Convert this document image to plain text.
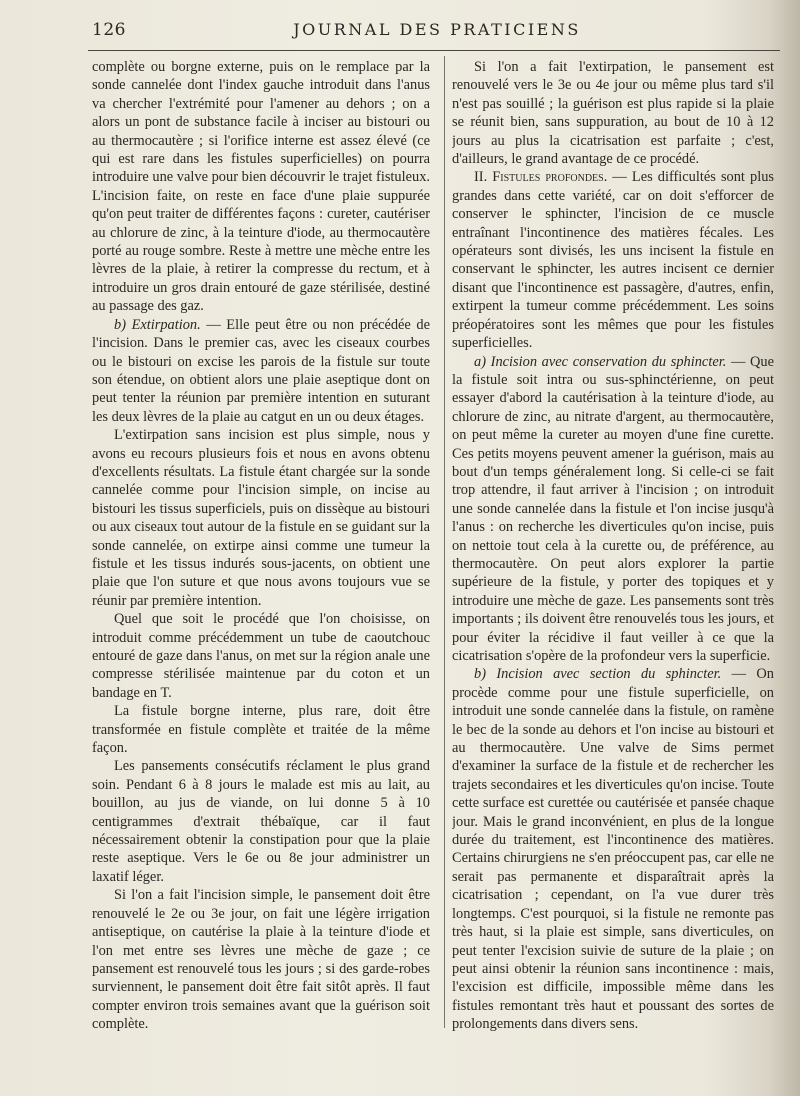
126	JOURNAL DES PRATICIENS

complète ou borgne externe, puis on le remplace par la sonde cannelée dont l'index gauche introduit dans l'anus va chercher l'extrémité pour l'amener au dehors ; on a alors un pont de substance facile à inciser au bistouri ou au thermocautère ; si l'orifice interne est assez élevé (ce qui est rare dans les fistules superficielles) on pourra introduire une valve pour bien découvrir le trajet fistuleux. L'incision faite, on reste en face d'une plaie suppurée qu'on peut traiter de différentes façons : cureter, cautériser au chlorure de zinc, à la teinture d'iode, au thermocautère porté au rouge sombre. Reste à mettre une mèche entre les lèvres de la plaie, à retirer la compresse du rectum, et à introduire un gros drain entouré de gaze stérilisée, destiné au passage des gaz.

b) Extirpation. — Elle peut être ou non précédée de l'incision. Dans le premier cas, avec les ciseaux courbes ou le bistouri on excise les parois de la fistule sur toute son étendue, on obtient alors une plaie aseptique dont on peut tenter la réunion par première intention en suturant les deux lèvres de la plaie au catgut en un ou deux étages.

L'extirpation sans incision est plus simple, nous y avons eu recours plusieurs fois et nous en avons obtenu d'excellents résultats. La fistule étant chargée sur la sonde cannelée comme pour l'incision simple, on incise au bistouri les tissus superficiels, puis on dissèque au bistouri ou aux ciseaux tout autour de la fistule en se guidant sur la sonde cannelée, on extirpe ainsi comme une tumeur la fistule et les tissus indurés sous-jacents, on obtient une plaie que l'on suture et que nous avons toujours vue se réunir par première intention.

Quel que soit le procédé que l'on choisisse, on introduit comme précédemment un tube de caoutchouc entouré de gaze dans l'anus, on met sur la région anale une compresse stérilisée maintenue par du coton et un bandage en T.

La fistule borgne interne, plus rare, doit être transformée en fistule complète et traitée de la même façon.

Les pansements consécutifs réclament le plus grand soin. Pendant 6 à 8 jours le malade est mis au lait, au bouillon, au jus de viande, on lui donne 5 à 10 centigrammes d'extrait thébaïque, car il faut nécessairement obtenir la constipation pour que la plaie reste aseptique. Vers le 6e ou 8e jour administrer un laxatif léger.

Si l'on a fait l'incision simple, le pansement doit être renouvelé le 2e ou 3e jour, on fait une légère irrigation antiseptique, on cautérise la plaie à la teinture d'iode et l'on met entre ses lèvres une mèche de gaze ; ce pansement est renouvelé tous les jours ; si des garde-robes surviennent, le pansement doit être fait sitôt après. Il faut compter environ trois semaines avant que la guérison soit complète.

Si l'on a fait l'extirpation, le pansement est renouvelé vers le 3e ou 4e jour ou même plus tard s'il n'est pas souillé ; la guérison est plus rapide si la plaie se réunit bien, sans suppuration, au bout de 10 à 12 jours au plus la cicatrisation est parfaite ; c'est, d'ailleurs, le grand avantage de ce procédé.

II. Fistules profondes. — Les difficultés sont plus grandes dans cette variété, car on doit s'efforcer de conserver le sphincter, l'incision de ce muscle entraînant l'incontinence des matières fécales. Les opérateurs sont divisés, les uns incisent la fistule en conservant le sphincter, les autres incisent ce dernier disant que l'incontinence est passagère, d'autres, enfin, extirpent la tumeur comme précédemment. Les soins préopératoires sont les mêmes que pour les fistules superficielles.

a) Incision avec conservation du sphincter. — Que la fistule soit intra ou sus-sphinctérienne, on peut essayer d'abord la cautérisation à la teinture d'iode, au chlorure de zinc, au nitrate d'argent, au thermocautère, on peut même la cureter au moyen d'une fine curette. Ces petits moyens peuvent amener la guérison, mais au bout d'un temps généralement long. Si celle-ci se fait trop attendre, il faut arriver à l'incision ; on introduit une sonde cannelée dans la fistule et l'on incise jusqu'à l'anus : on recherche les diverticules qu'on incise, puis on nettoie tout cela à la curette ou, de préférence, au thermocautère. On peut alors explorer la partie supérieure de la fistule, y porter des topiques et y introduire une mèche de gaze. Les pansements sont très importants ; ils doivent être renouvelés tous les jours, et pour éviter la récidive il faut veiller à ce que la cicatrisation s'opère de la profondeur vers la superficie.

b) Incision avec section du sphincter. — On procède comme pour une fistule superficielle, on introduit une sonde cannelée dans la fistule, on ramène le bec de la sonde au dehors et l'on incise au bistouri et au thermocautère. Une valve de Sims permet d'examiner la surface de la fistule et de rechercher les trajets secondaires et les diverticules qu'on incise. Toute cette surface est curettée ou cautérisée et pansée chaque jour. Mais le grand inconvénient, en plus de la longue durée du traitement, est l'incontinence des matières. Certains chirurgiens ne s'en préoccupent pas, car elle ne serait pas permanente et disparaîtrait après la cicatrisation ; cependant, on l'a vue durer très longtemps. C'est pourquoi, si la fistule ne remonte pas très haut, si la plaie est simple, sans diverticules, on peut tenter l'excision suivie de suture de la plaie ; on peut ainsi obtenir la réunion sans incontinence : mais, l'excision est difficile, impossible même dans les fistules remontant très haut et poussant des sortes de prolongements dans divers sens.
